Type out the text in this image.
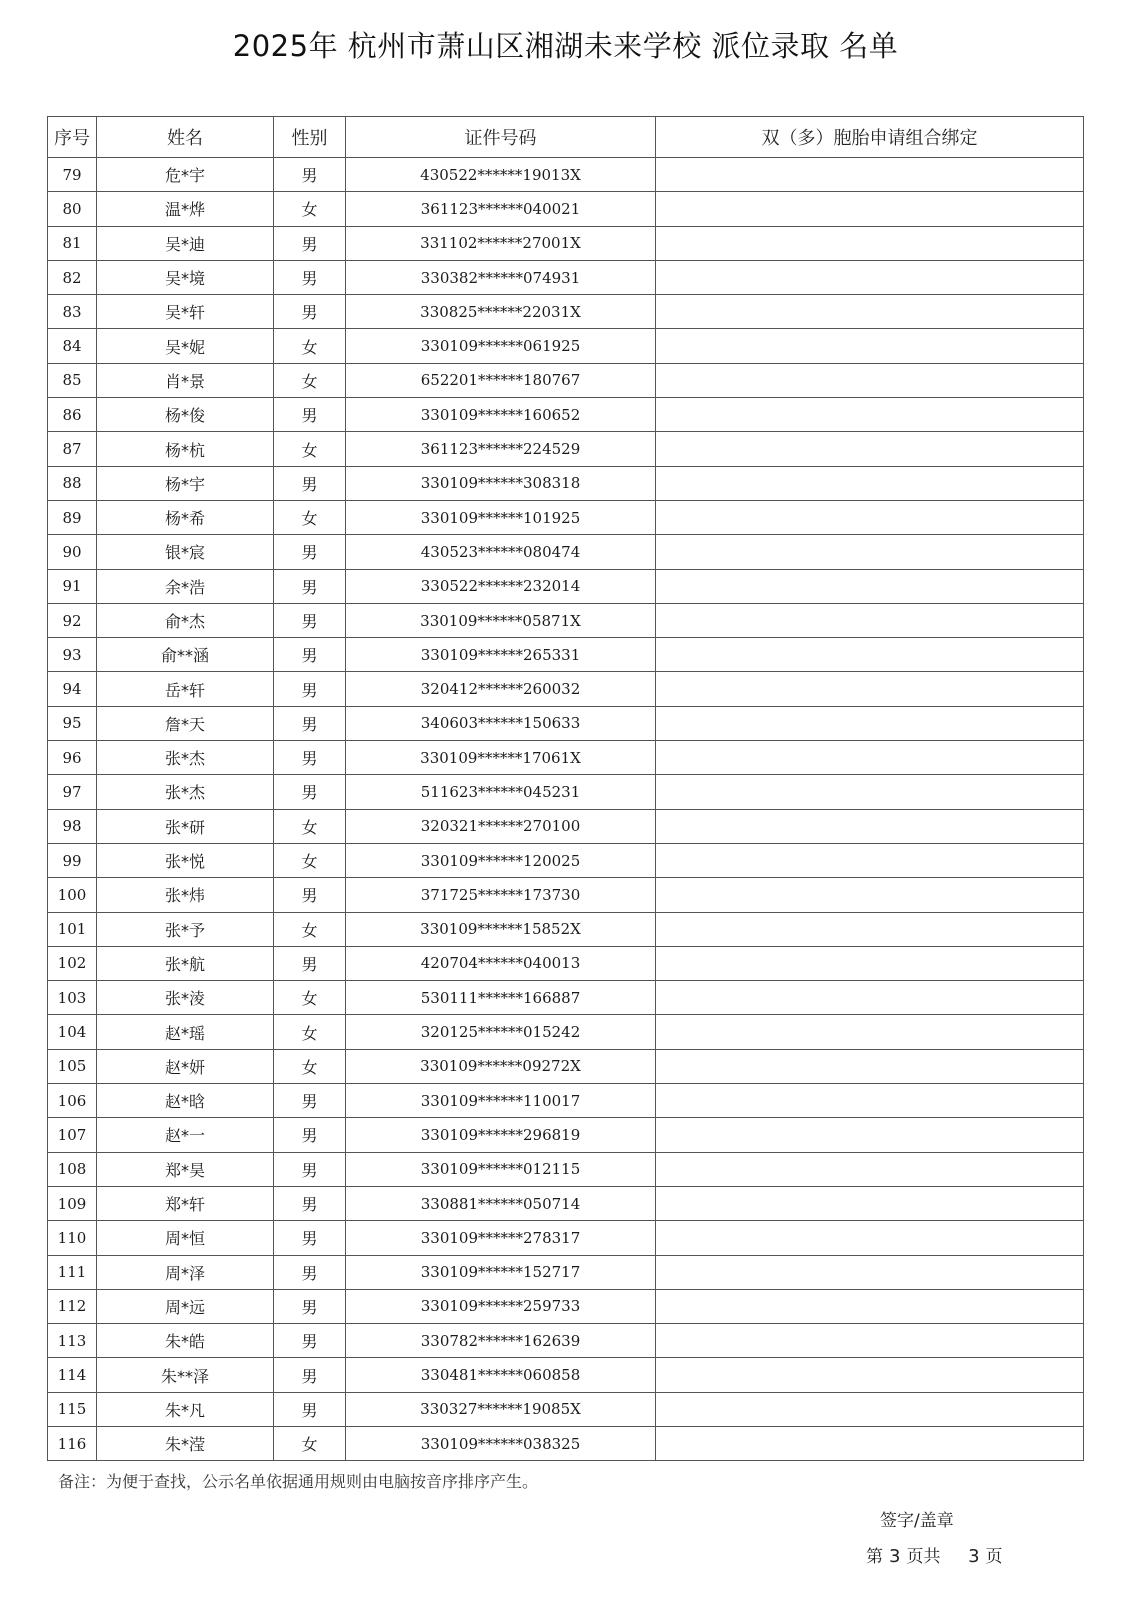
2025年 杭州市萧山区湘湖未来学校 派位录取 名单
序号	姓名	性别	证件号码	双（多）胞胎申请组合绑定
79	危*宇	男	430522******19013X	
80	温*烨	女	361123******040021	
81	吴*迪	男	331102******27001X	
82	吴*境	男	330382******074931	
83	吴*轩	男	330825******22031X	
84	吴*妮	女	330109******061925	
85	肖*景	女	652201******180767	
86	杨*俊	男	330109******160652	
87	杨*杭	女	361123******224529	
88	杨*宇	男	330109******308318	
89	杨*希	女	330109******101925	
90	银*宸	男	430523******080474	
91	余*浩	男	330522******232014	
92	俞*杰	男	330109******05871X	
93	俞**涵	男	330109******265331	
94	岳*轩	男	320412******260032	
95	詹*天	男	340603******150633	
96	张*杰	男	330109******17061X	
97	张*杰	男	511623******045231	
98	张*研	女	320321******270100	
99	张*悦	女	330109******120025	
100	张*炜	男	371725******173730	
101	张*予	女	330109******15852X	
102	张*航	男	420704******040013	
103	张*淩	女	530111******166887	
104	赵*瑶	女	320125******015242	
105	赵*妍	女	330109******09272X	
106	赵*晗	男	330109******110017	
107	赵*一	男	330109******296819	
108	郑*昊	男	330109******012115	
109	郑*轩	男	330881******050714	
110	周*恒	男	330109******278317	
111	周*泽	男	330109******152717	
112	周*远	男	330109******259733	
113	朱*皓	男	330782******162639	
114	朱**泽	男	330481******060858	
115	朱*凡	男	330327******19085X	
116	朱*滢	女	330109******038325	
备注：为便于查找，公示名单依据通用规则由电脑按音序排序产生。
签字/盖章
第 3 页共 3 页
